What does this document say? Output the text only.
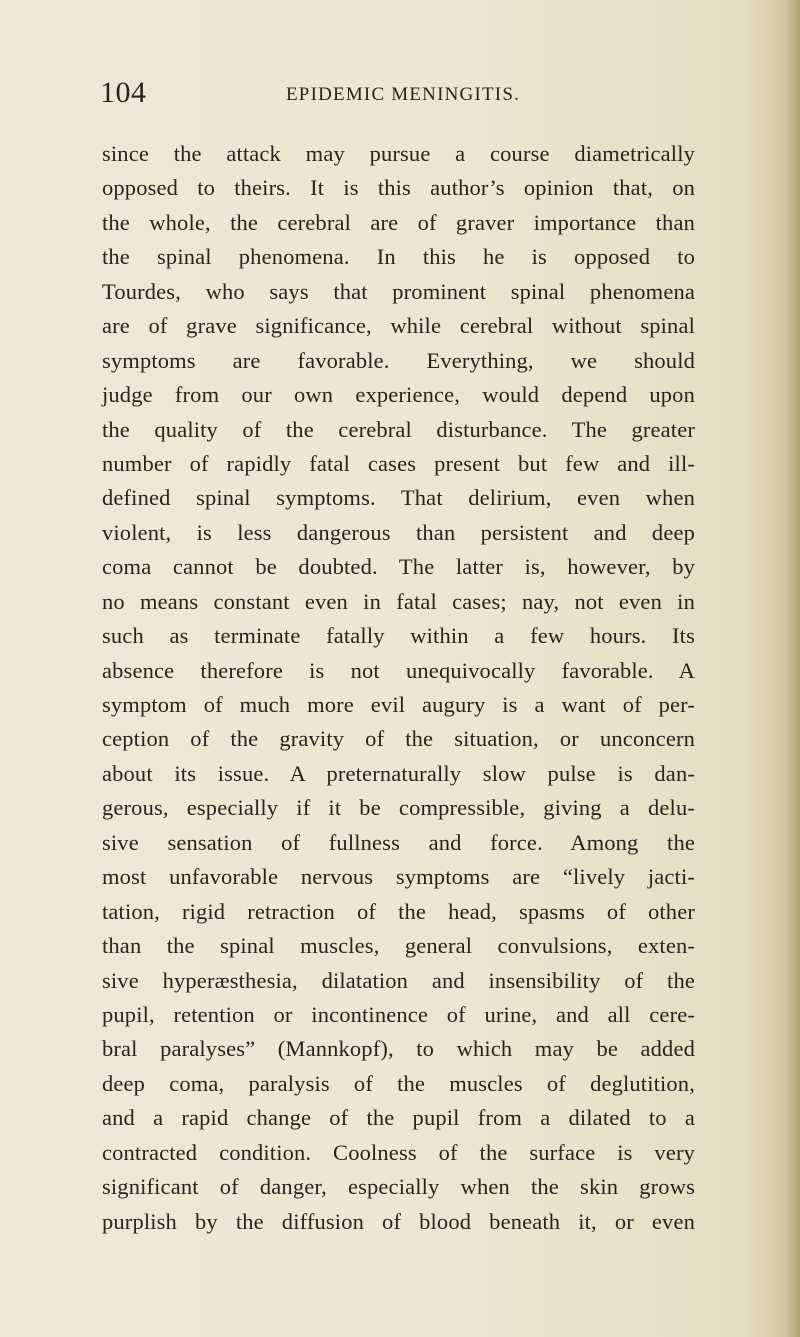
104	EPIDEMIC MENINGITIS.
since the attack may pursue a course diametrically
opposed to theirs. It is this author’s opinion that, on
the whole, the cerebral are of graver importance than
the spinal phenomena. In this he is opposed to
Tourdes, who says that prominent spinal phenomena
are of grave significance, while cerebral without spinal
symptoms are favorable. Everything, we should
judge from our own experience, would depend upon
the quality of the cerebral disturbance. The greater
number of rapidly fatal cases present but few and ill-
defined spinal symptoms. That delirium, even when
violent, is less dangerous than persistent and deep
coma cannot be doubted. The latter is, however, by
no means constant even in fatal cases; nay, not even in
such as terminate fatally within a few hours. Its
absence therefore is not unequivocally favorable. A
symptom of much more evil augury is a want of per-
ception of the gravity of the situation, or unconcern
about its issue. A preternaturally slow pulse is dan-
gerous, especially if it be compressible, giving a delu-
sive sensation of fullness and force. Among the
most unfavorable nervous symptoms are “lively jacti-
tation, rigid retraction of the head, spasms of other
than the spinal muscles, general convulsions, exten-
sive hyperæsthesia, dilatation and insensibility of the
pupil, retention or incontinence of urine, and all cere-
bral paralyses” (Mannkopf), to which may be added
deep coma, paralysis of the muscles of deglutition,
and a rapid change of the pupil from a dilated to a
contracted condition. Coolness of the surface is very
significant of danger, especially when the skin grows
purplish by the diffusion of blood beneath it, or even
